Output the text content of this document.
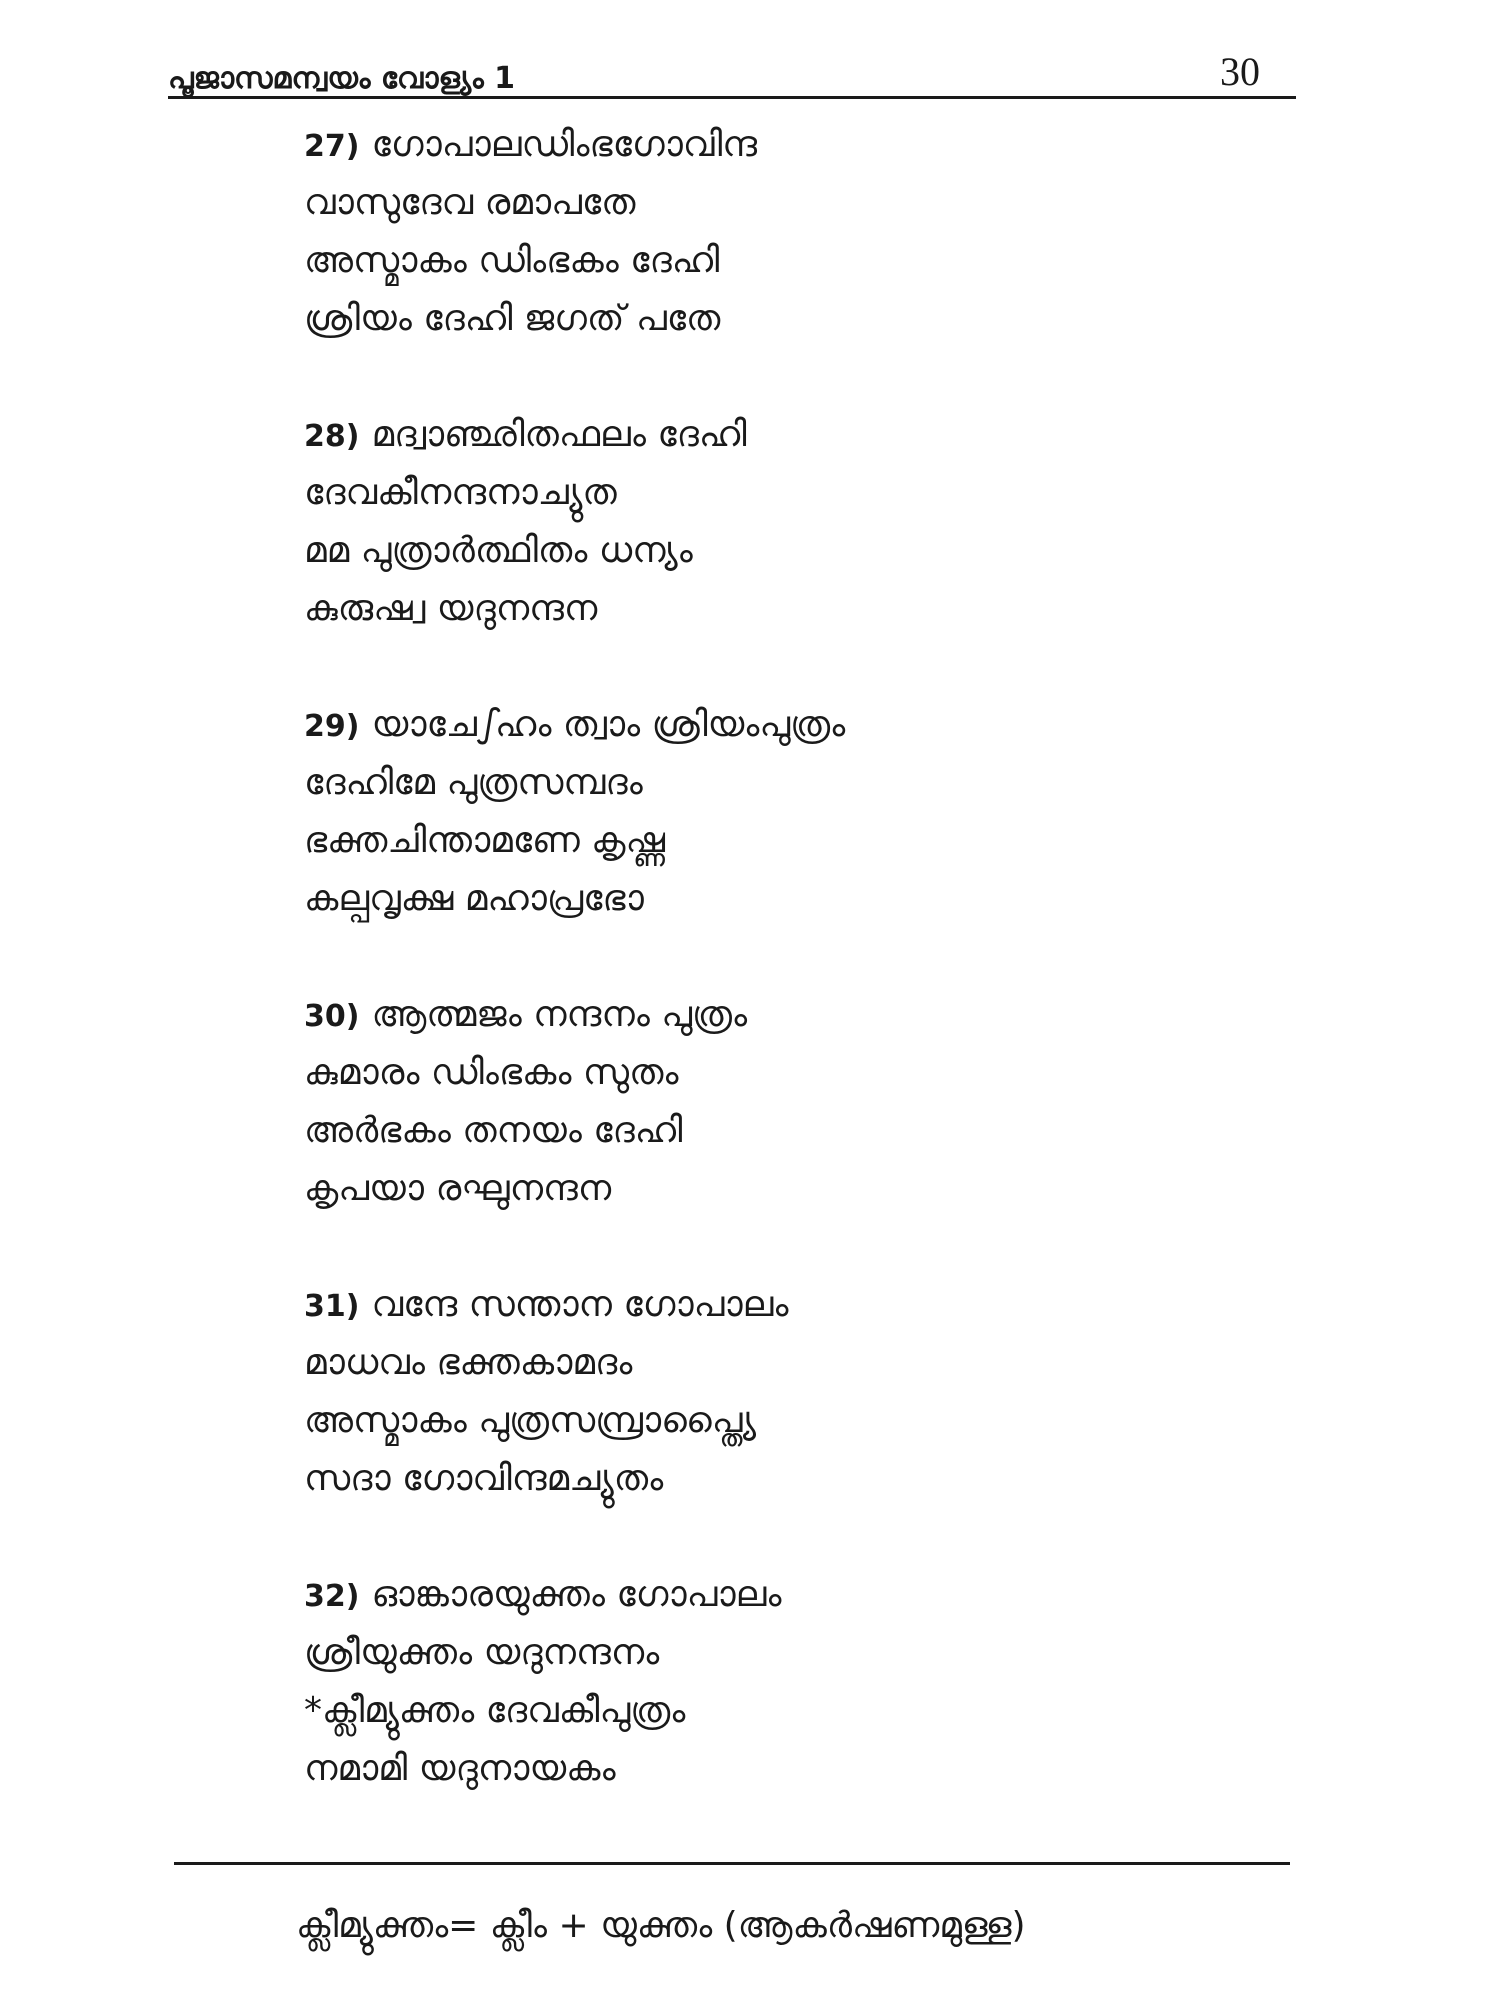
പൂജാസമന്വയം വോള്യം 1	30
27) ഗോപാലഡിംഭഗോവിന്ദ
വാസുദേവ രമാപതേ
അസ്മാകം ഡിംഭകം ദേഹി
ശ്രിയം ദേഹി ജഗത് പതേ
28) മദ്വാഞ്ഛിതഫലം ദേഹി
ദേവകീനന്ദനാച്യുത
മമ പുത്രാർത്ഥിതം ധന്യം
കുരുഷ്വ യദുനന്ദന
29) യാചേഽഹം ത്വാം ശ്രിയംപുത്രം
ദേഹിമേ പുത്രസമ്പദം
ഭക്തചിന്താമണേ കൃഷ്ണ
കല്പവൃക്ഷ മഹാപ്രഭോ
30) ആത്മജം നന്ദനം പുത്രം
കുമാരം ഡിംഭകം സുതം
അർഭകം തനയം ദേഹി
കൃപയാ രഘുനന്ദന
31) വന്ദേ സന്താന ഗോപാലം
മാധവം ഭക്തകാമദം
അസ്മാകം പുത്രസമ്പ്രാപ്ത്യൈ
സദാ ഗോവിന്ദമച്യുതം
32) ഓങ്കാരയുക്തം ഗോപാലം
ശ്രീയുക്തം യദുനന്ദനം
*ക്ലീമ്യുക്തം ദേവകീപുത്രം
നമാമി യദുനായകം
ക്ലീമ്യുക്തം= ക്ലീം + യുക്തം (ആകർഷണമുള്ള)
